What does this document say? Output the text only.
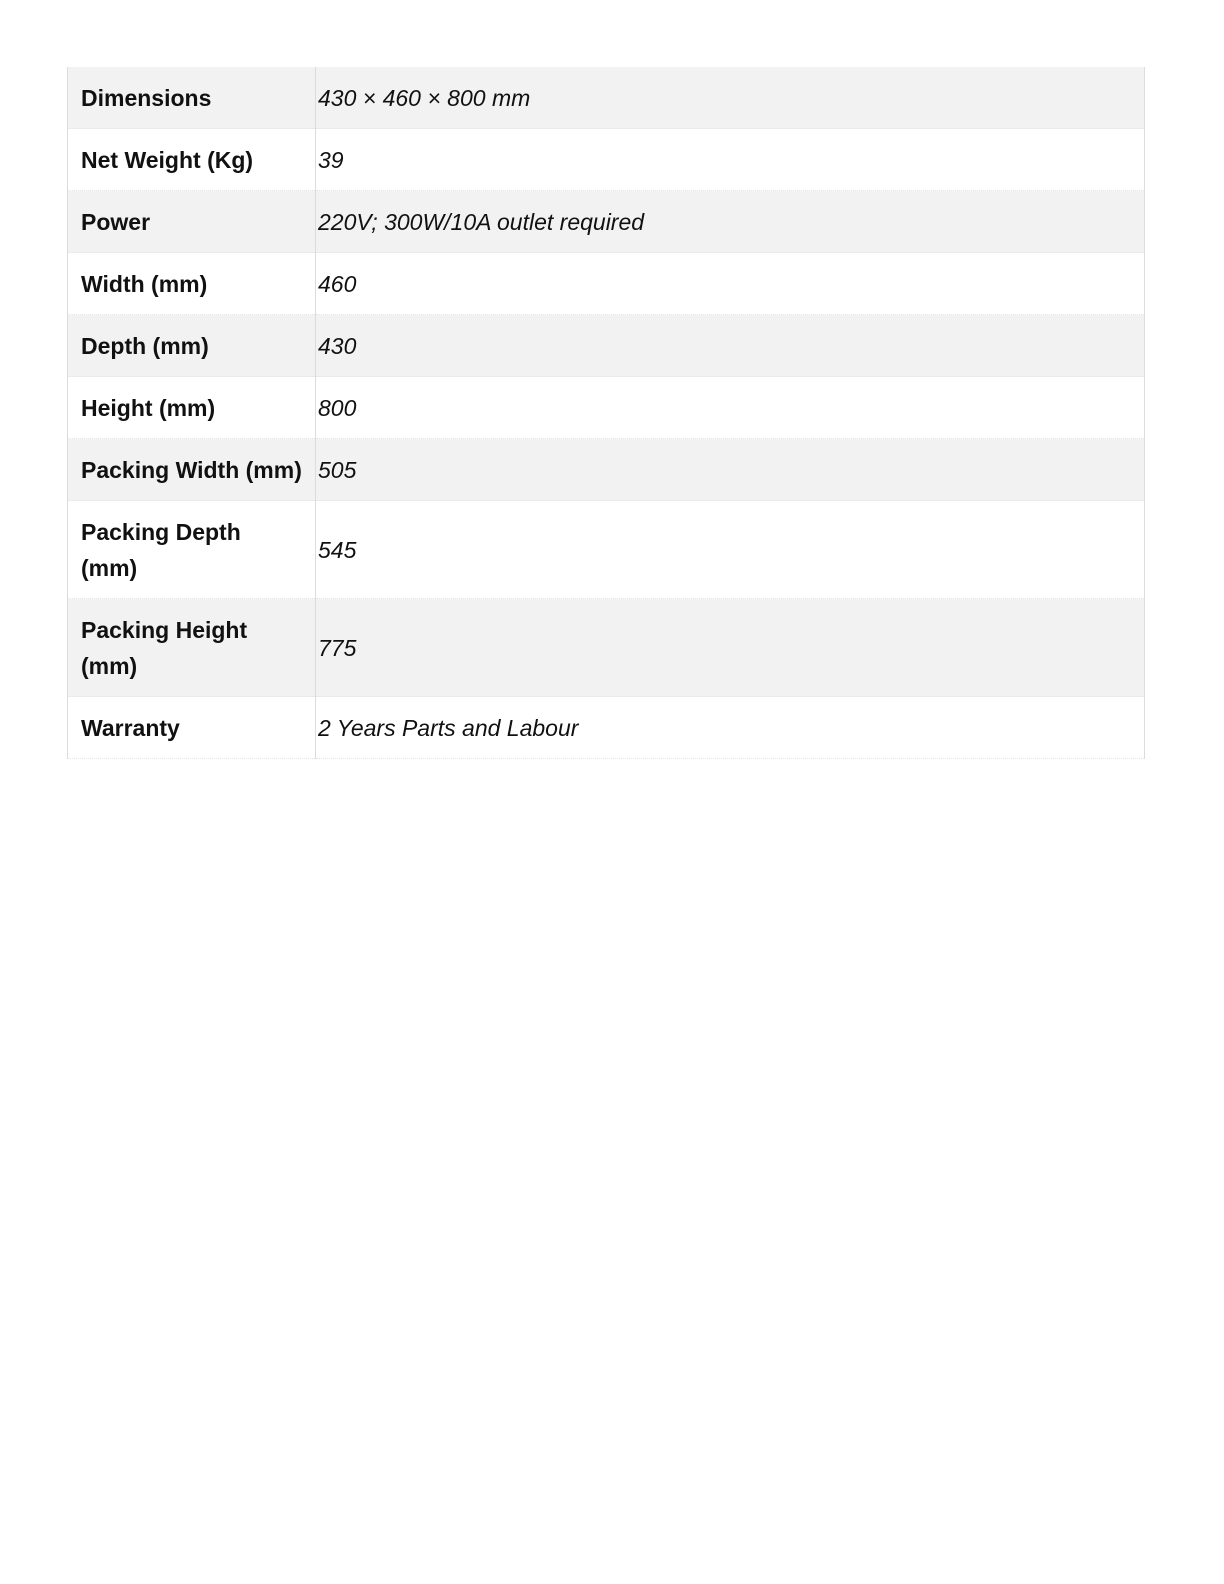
Dimensions	430 × 460 × 800 mm
Net Weight (Kg)	39
Power	220V; 300W/10A outlet required
Width (mm)	460
Depth (mm)	430
Height (mm)	800
Packing Width (mm)	505
Packing Depth (mm)	545
Packing Height (mm)	775
Warranty	2 Years Parts and Labour
